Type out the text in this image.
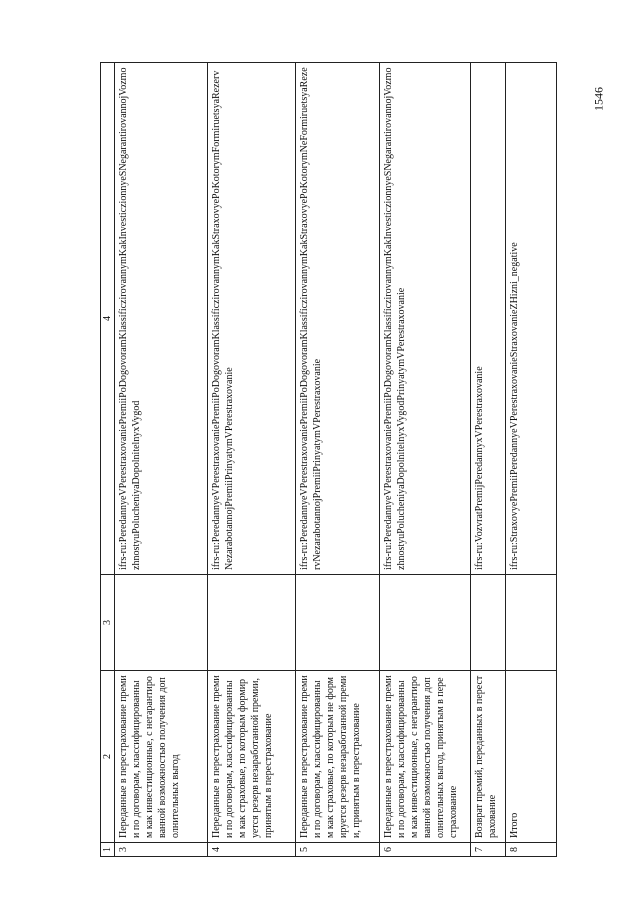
1546
1	2	3	4
3	Переданные в перестрахование премии по договорам, классифицированным как инвестиционные, с негарантированной возможностью получения дополнительных выгод		ifrs-ru:PeredannyeVPerestraxovaniePremiiPoDogovoramKlassificzirovannymKakInvesticzionnyeSNegarantirovannojVozmozhnostyuPolucheniyaDopolnitelnyxVygod
4	Переданные в перестрахование премии по договорам, классифицированным как страховые, по которым формируется резерв незаработанной премии, принятым в перестрахование		ifrs-ru:PeredannyeVPerestraxovaniePremiiPoDogovoramKlassificzirovannymKakStraxovyePoKotorymFormiruetsyaRezervNezarabotannojPremiiPrinyatymVPerestraxovanie
5	Переданные в перестрахование премии по договорам, классифицированным как страховые, по которым не формируется резерв незаработанной премии, принятым в перестрахование		ifrs-ru:PeredannyeVPerestraxovaniePremiiPoDogovoramKlassificzirovannymKakStraxovyePoKotorymNeFormiruetsyaRezervNezarabotannojPremiiPrinyatymVPerestraxovanie
6	Переданные в перестрахование премии по договорам, классифицированным как инвестиционные, с негарантированной возможностью получения дополнительных выгод, принятым в перестрахование		ifrs-ru:PeredannyeVPerestraxovaniePremiiPoDogovoramKlassificzirovannymKakInvesticzionnyeSNegarantirovannojVozmozhnostyuPolucheniyaDopolnitelnyxVygodPrinyatymVPerestraxovanie
7	Возврат премий, переданных в перестрахование		ifrs-ru:VozvratPremijPeredannyxVPerestraxovanie
8	Итого		ifrs-ru:StraxovyePremiiPeredannyeVPerestraxovanieStraxovanieZHizni_negative
